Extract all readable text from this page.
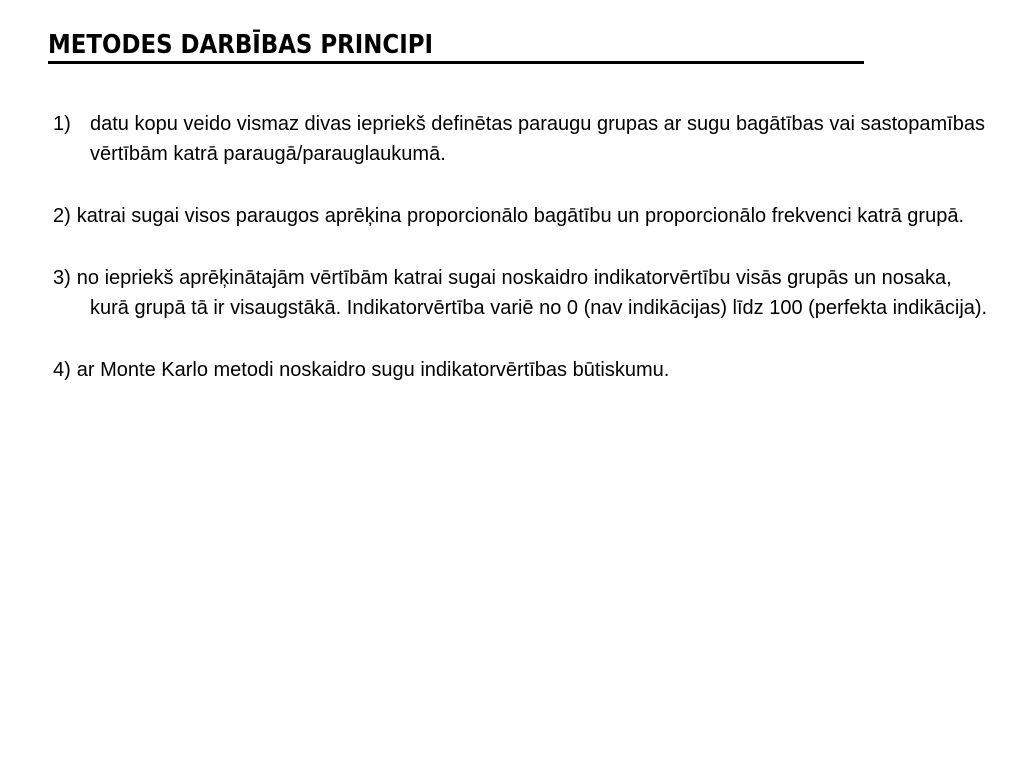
METODES DARBĪBAS PRINCIPI
1) datu kopu veido vismaz divas iepriekš definētas paraugu grupas ar sugu bagātības vai sastopamības vērtībām katrā paraugā/parauglaukumā.
2) katrai sugai visos paraugos aprēķina proporcionālo bagātību un proporcionālo frekvenci katrā grupā.
3) no iepriekš aprēķinātajām vērtībām katrai sugai noskaidro indikatorvērtību visās grupās un nosaka, kurā grupā tā ir visaugstākā. Indikatorvērtība variē no 0 (nav indikācijas) līdz 100 (perfekta indikācija).
4) ar Monte Karlo metodi noskaidro sugu indikatorvērtības būtiskumu.
